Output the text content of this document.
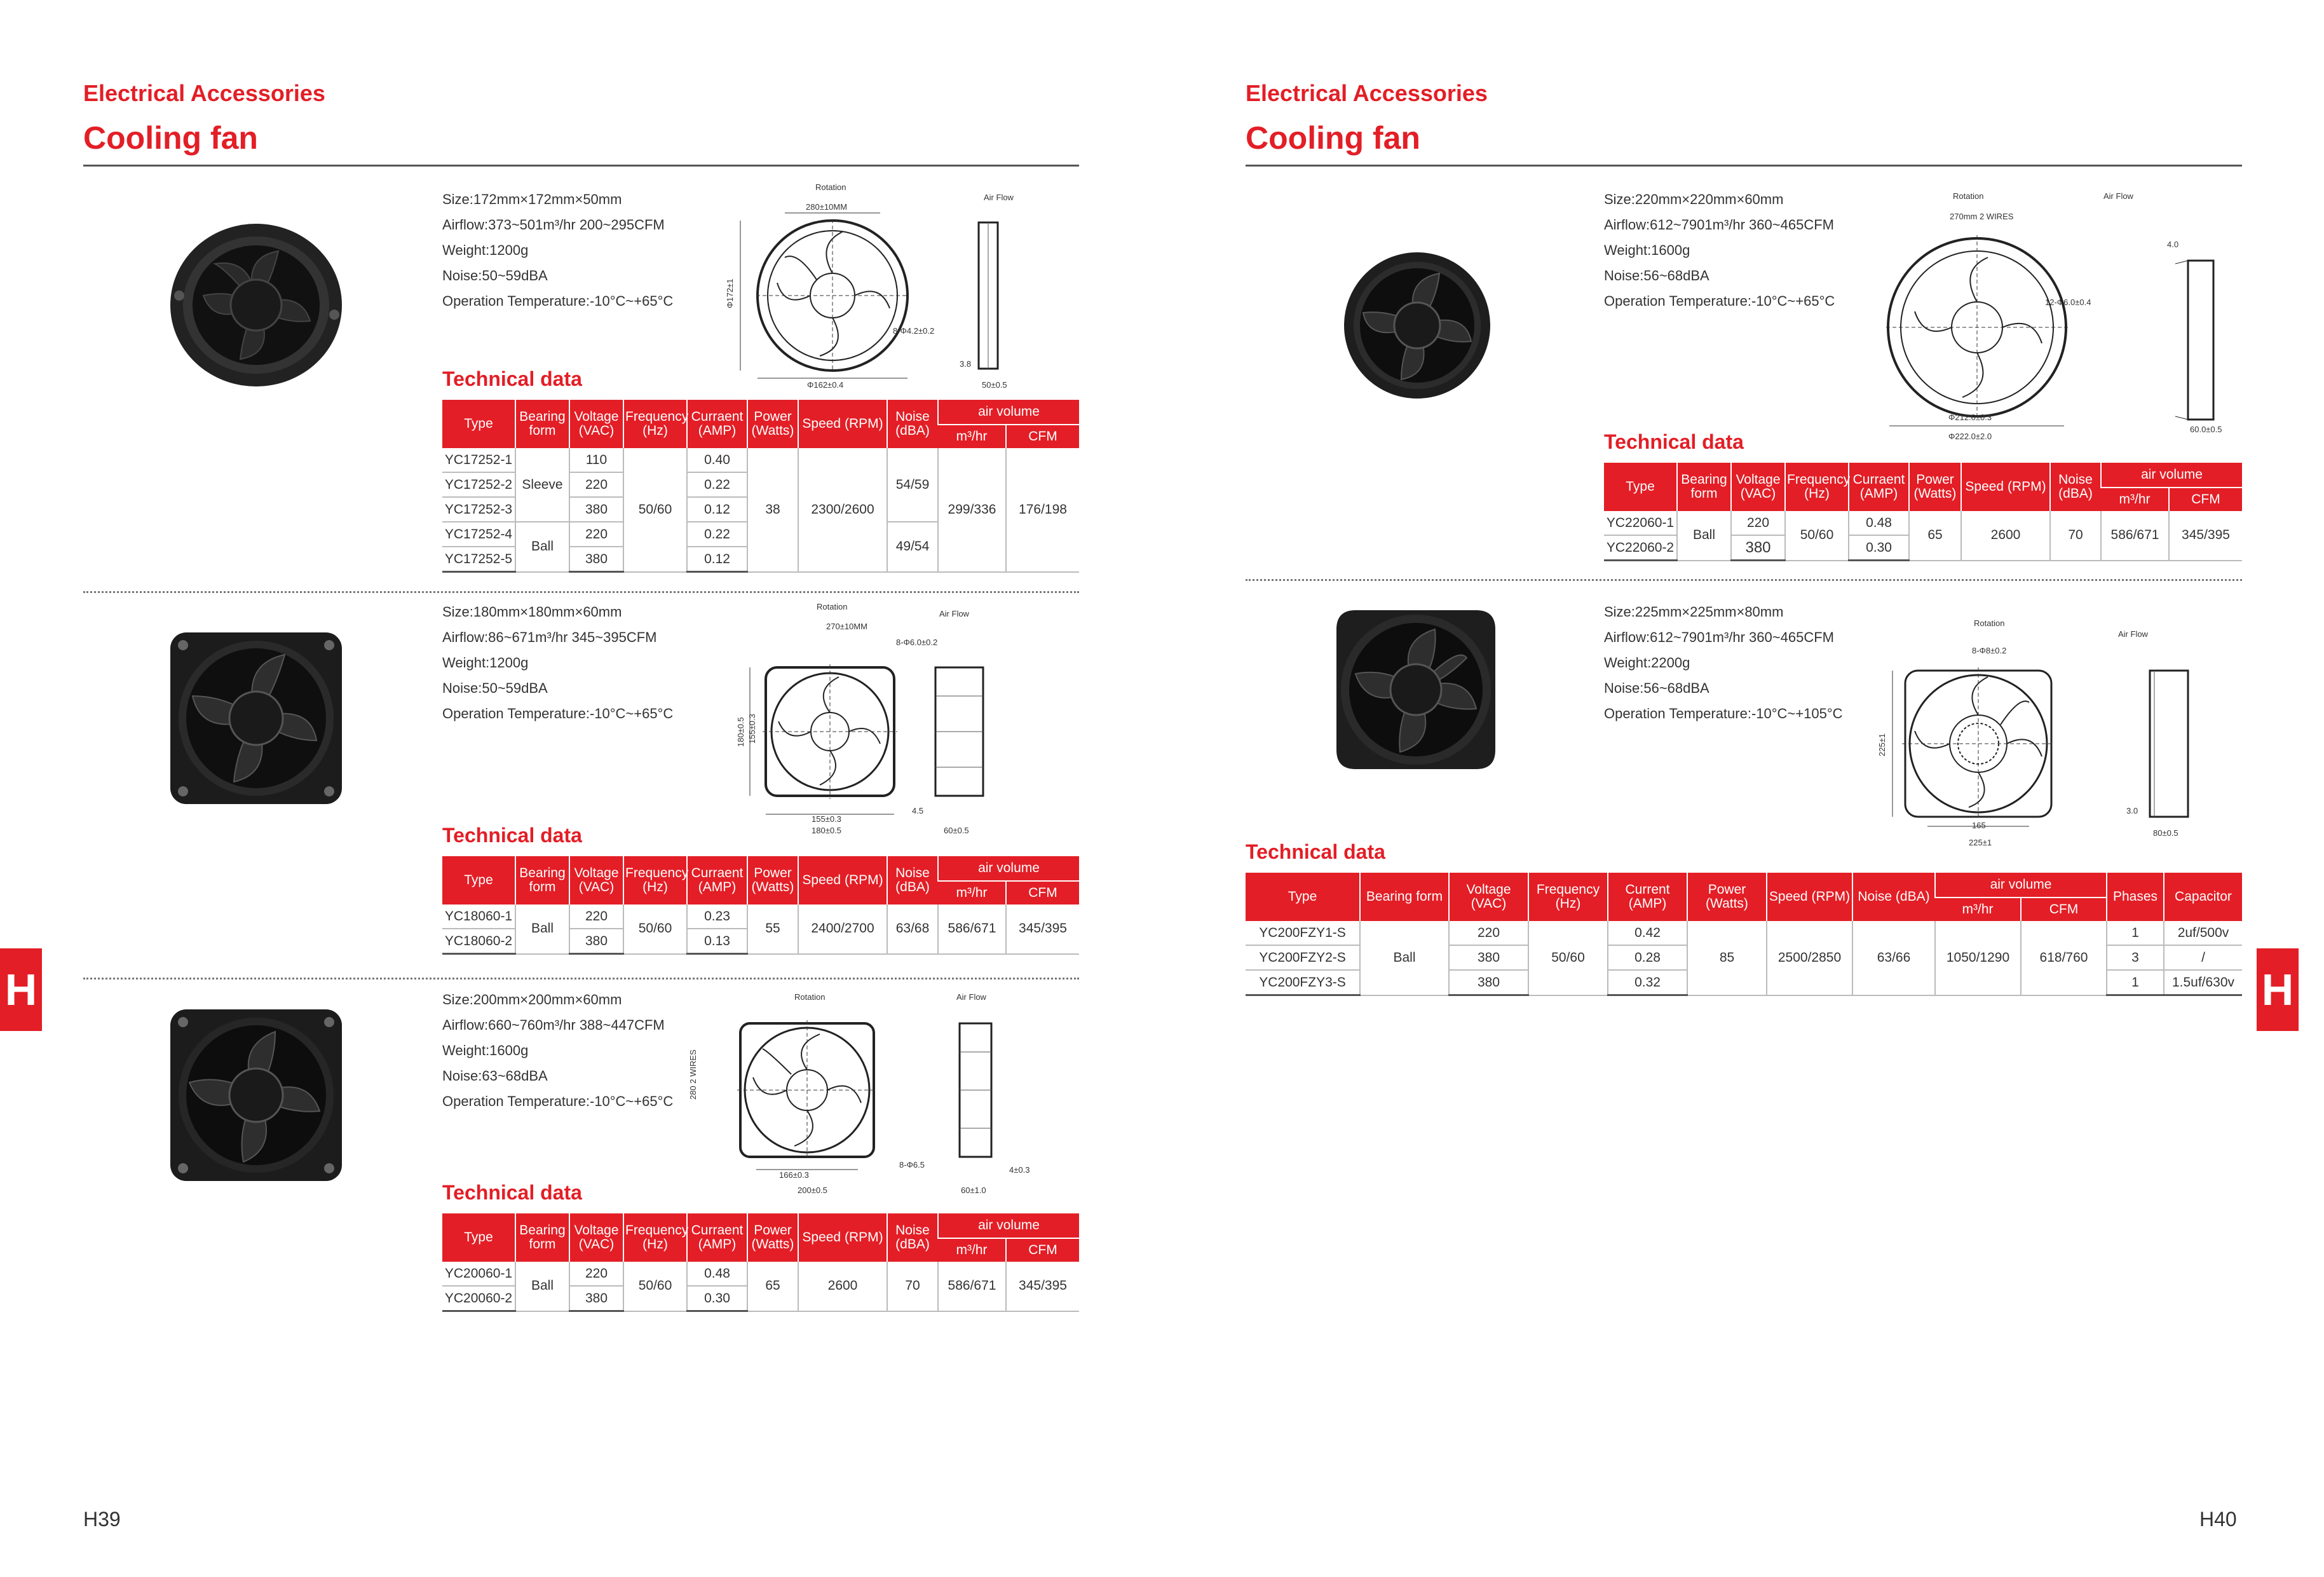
Electrical Accessories
Cooling fan
Size:172mm×172mm×50mm
Airflow:373~501m³/hr 200~295CFM
Weight:1200g
Noise:50~59dBA
Operation Temperature:-10°C~+65°C
Rotation
280±10MM
Air Flow
Φ172±1
Φ162±0.4
8-Φ4.2±0.2
50±0.5
3.8
Technical data
Type	Bearing form	Voltage (VAC)	Frequency (Hz)	Curraent (AMP)	Power (Watts)	Speed (RPM)	Noise (dBA)	air volume	
								m³/hr	CFM
YC17252-1	Sleeve	110	50/60	0.40	38	2300/2600	54/59	299/336	176/198
YC17252-2		220		0.22					
YC17252-3		380		0.12					
YC17252-4	Ball	220		0.22			49/54		
YC17252-5		380		0.12					
Size:180mm×180mm×60mm
Airflow:86~671m³/hr 345~395CFM
Weight:1200g
Noise:50~59dBA
Operation Temperature:-10°C~+65°C
Rotation
270±10MM
Air Flow
8-Φ6.0±0.2
180±0.5 155±0.3
155±0.3
180±0.5	60±0.5
4.5
Technical data
Type	Bearing form	Voltage (VAC)	Frequency (Hz)	Curraent (AMP)	Power (Watts)	Speed (RPM)	Noise (dBA)	air volume	
								m³/hr	CFM
YC18060-1	Ball	220	50/60	0.23	55	2400/2700	63/68	586/671	345/395
YC18060-2		380		0.13					
Size:200mm×200mm×60mm
Airflow:660~760m³/hr 388~447CFM
Weight:1600g
Noise:63~68dBA
Operation Temperature:-10°C~+65°C
Rotation	Air Flow
280 2 WIRES
166±0.3
200±0.5
8-Φ6.5
60±1.0
4±0.3
Technical data
Type	Bearing form	Voltage (VAC)	Frequency (Hz)	Curraent (AMP)	Power (Watts)	Speed (RPM)	Noise (dBA)	air volume	
								m³/hr	CFM
YC20060-1	Ball	220	50/60	0.48	65	2600	70	586/671	345/395
YC20060-2		380		0.30					
H
H39
Electrical Accessories
Cooling fan
Size:220mm×220mm×60mm
Airflow:612~7901m³/hr 360~465CFM
Weight:1600g
Noise:56~68dBA
Operation Temperature:-10°C~+65°C
Rotation
270mm 2 WIRES
Air Flow
12-Φ6.0±0.4
Φ212.0±0.3
Φ222.0±2.0
60.0±0.5
4.0
Technical data
Type	Bearing form	Voltage (VAC)	Frequency (Hz)	Curraent (AMP)	Power (Watts)	Speed (RPM)	Noise (dBA)	air volume	
								m³/hr	CFM
YC22060-1	Ball	220	50/60	0.48	65	2600	70	586/671	345/395
YC22060-2		380		0.30					
Size:225mm×225mm×80mm
Airflow:612~7901m³/hr 360~465CFM
Weight:2200g
Noise:56~68dBA
Operation Temperature:-10°C~+105°C
Rotation
Air Flow
8-Φ8±0.2
225±1
165
225±1
80±0.5
3.0
Technical data
Type	Bearing form	Voltage (VAC)	Frequency (Hz)	Current (AMP)	Power (Watts)	Speed (RPM)	Noise (dBA)	air volume		Phases	Capacitor
								m³/hr	CFM		
YC200FZY1-S	Ball	220	50/60	0.42	85	2500/2850	63/66	1050/1290	618/760	1	2uf/500v
YC200FZY2-S		380		0.28						3	/
YC200FZY3-S		380		0.32						1	1.5uf/630v H
H40
